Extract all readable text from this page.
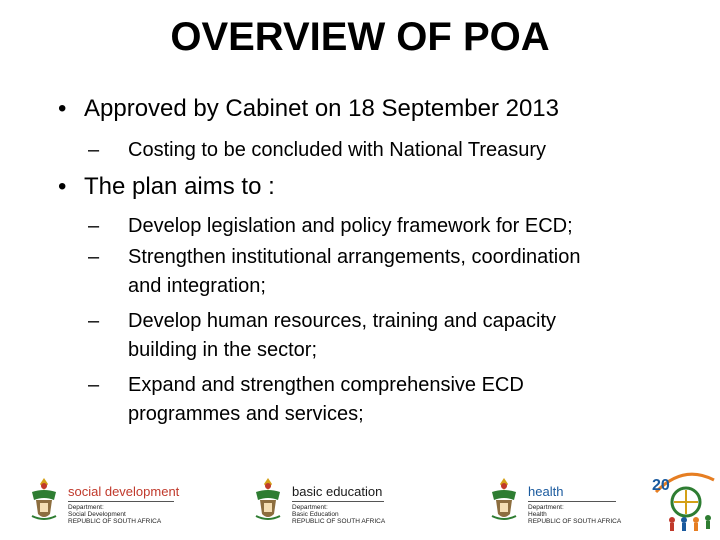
OVERVIEW OF POA
• Approved by Cabinet on 18 September 2013
– Costing to be concluded with National Treasury
• The plan aims to :
– Develop legislation and policy framework for ECD;
– Strengthen institutional arrangements, coordination
and integration;
– Develop human resources, training and capacity
building in the sector;
– Expand and strengthen comprehensive ECD
programmes and services;
social development
Department:
Social Development
REPUBLIC OF SOUTH AFRICA
basic education
Department:
Basic Education
REPUBLIC OF SOUTH AFRICA
health
Department:
Health
REPUBLIC OF SOUTH AFRICA
20
